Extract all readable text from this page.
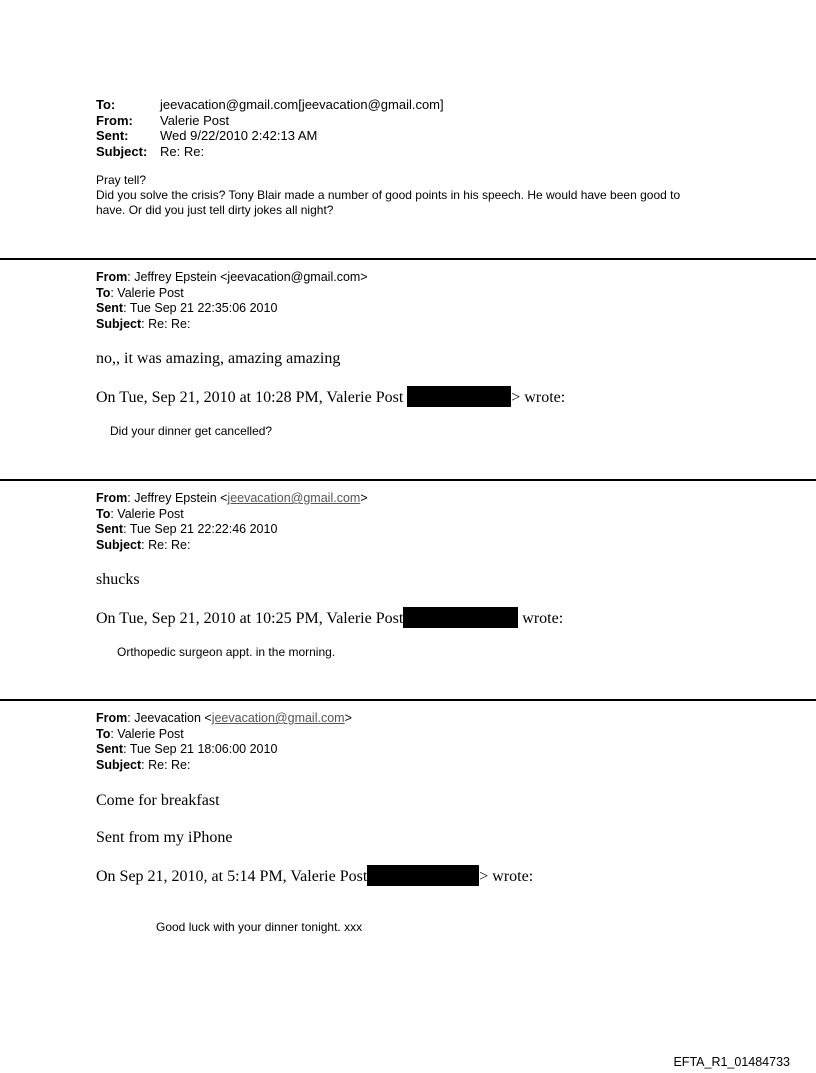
To:	jeevacation@gmail.com[jeevacation@gmail.com]
From: Valerie Post
Sent: Wed 9/22/2010 2:42:13 AM
Subject: Re: Re:
Pray tell?
Did you solve the crisis? Tony Blair made a number of good points in his speech. He would have been good to
have. Or did you just tell dirty jokes all night?
From: Jeffrey Epstein <jeevacation@gmail.com>
To: Valerie Post
Sent: Tue Sep 21 22:35:06 2010
Subject: Re: Re:
no,, it was amazing, amazing amazing
On Tue, Sep 21, 2010 at 10:28 PM, Valerie Post	> wrote:
Did your dinner get cancelled?
From: Jeffrey Epstein <jeevacation@gmail.com>
To: Valerie Post
Sent: Tue Sep 21 22:22:46 2010
Subject: Re: Re:
shucks
On Tue, Sep 21, 2010 at 10:25 PM, Valerie Post	wrote:
Orthopedic surgeon appt. in the morning.
From: Jeevacation <jeevacation@gmail.com>
To: Valerie Post
Sent: Tue Sep 21 18:06:00 2010
Subject: Re: Re:
Come for breakfast
Sent from my iPhone
On Sep 21, 2010, at 5:14 PM, Valerie Post	> wrote:
Good luck with your dinner tonight. xxx
EFTA_R1_01484733
